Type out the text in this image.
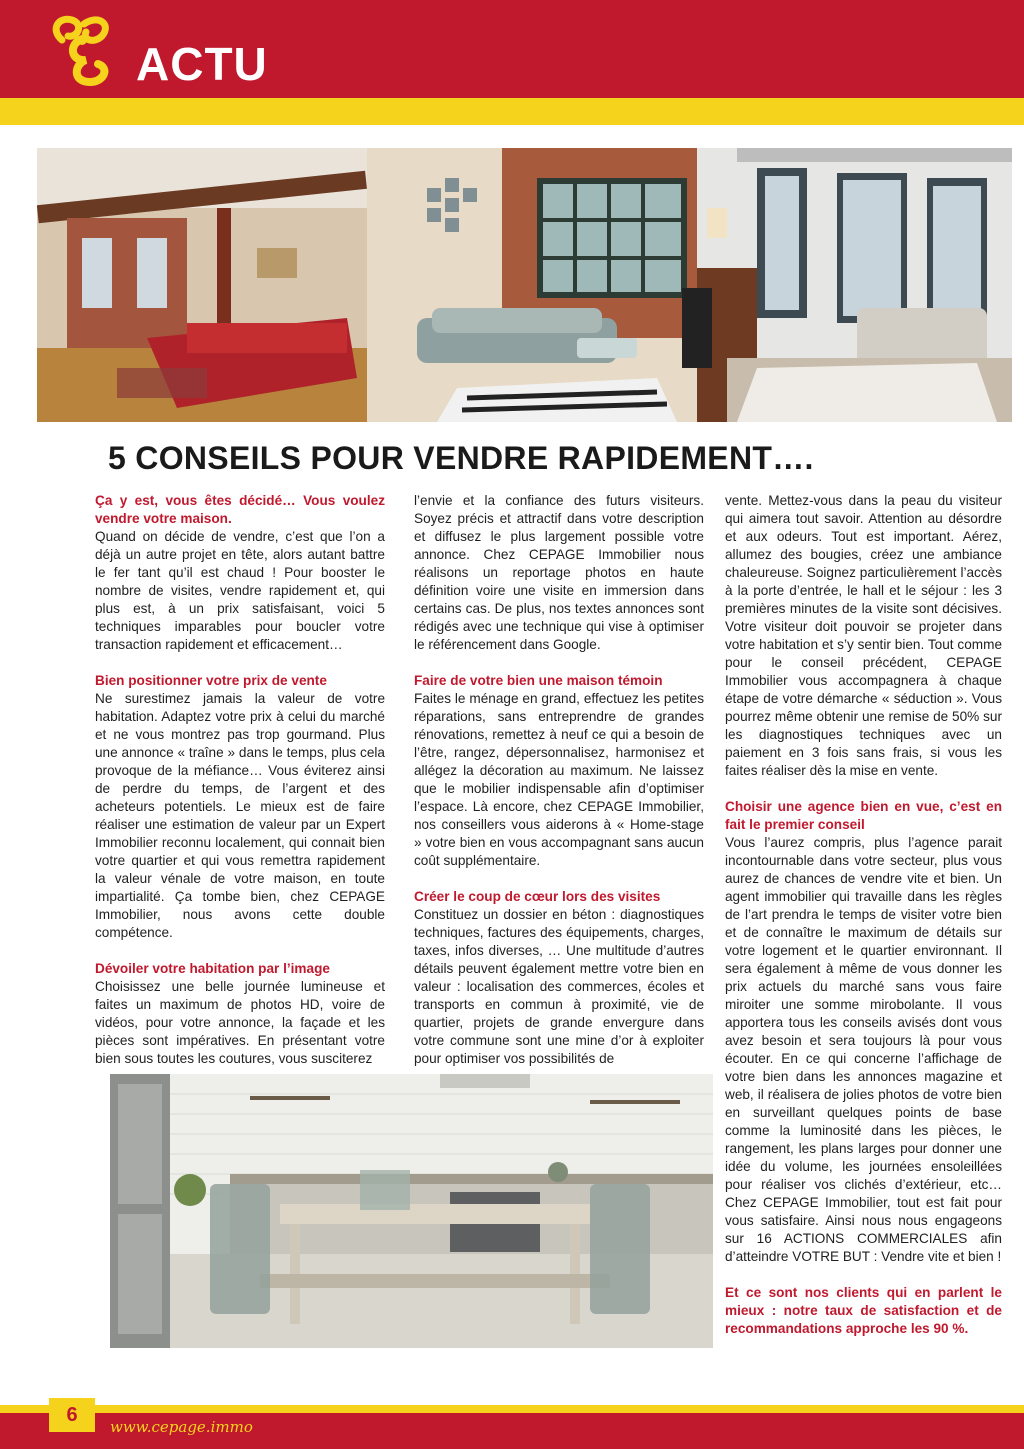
ACTU
5 CONSEILS POUR VENDRE RAPIDEMENT….

Ça y est, vous êtes décidé… Vous voulez vendre votre maison.

Quand on décide de vendre, c’est que l’on a déjà un autre projet en tête, alors autant battre le fer tant qu’il est chaud ! Pour booster le nombre de visites, vendre rapidement et, qui plus est, à un prix satisfaisant, voici 5 techniques imparables pour boucler votre transaction rapidement et efficacement…

Bien positionner votre prix de vente

Ne surestimez jamais la valeur de votre habitation. Adaptez votre prix à celui du marché et ne vous montrez pas trop gourmand. Plus une annonce « traîne » dans le temps, plus cela provoque de la méfiance… Vous éviterez ainsi de perdre du temps, de l’argent et des acheteurs potentiels. Le mieux est de faire réaliser une estimation de valeur par un Expert Immobilier reconnu localement, qui connait bien votre quartier et qui vous remettra rapidement la valeur vénale de votre maison, en toute impartialité. Ça tombe bien, chez CEPAGE Immobilier, nous avons cette double compétence.

Dévoiler votre habitation par l’image

Choisissez une belle journée lumineuse et faites un maximum de photos HD, voire de vidéos, pour votre annonce, la façade et les pièces sont impératives. En présentant votre bien sous toutes les coutures, vous susciterez

l’envie et la confiance des futurs visiteurs. Soyez précis et attractif dans votre description et diffusez le plus largement possible votre annonce. Chez CEPAGE Immobilier nous réalisons un reportage photos en haute définition voire une visite en immersion dans certains cas. De plus, nos textes annonces sont rédigés avec une technique qui vise à optimiser le référencement dans Google.

Faire de votre bien une maison témoin

Faites le ménage en grand, effectuez les petites réparations, sans entreprendre de grandes rénovations, remettez à neuf ce qui a besoin de l’être, rangez, dépersonnalisez, harmonisez et allégez la décoration au maximum. Ne laissez que le mobilier indispensable afin d’optimiser l’espace. Là encore, chez CEPAGE Immobilier, nos conseillers vous aiderons à « Home-stage » votre bien en vous accompagnant sans aucun coût supplémentaire.

Créer le coup de cœur lors des visites

Constituez un dossier en béton : diagnostiques techniques, factures des équipements, charges, taxes, infos diverses, … Une multitude d’autres détails peuvent également mettre votre bien en valeur : localisation des commerces, écoles et transports en commun à proximité, vie de quartier, projets de grande envergure dans votre commune sont une mine d’or à exploiter pour optimiser vos possibilités de

vente. Mettez-vous dans la peau du visiteur qui aimera tout savoir. Attention au désordre et aux odeurs. Tout est important. Aérez, allumez des bougies, créez une ambiance chaleureuse. Soignez particulièrement l’accès à la porte d’entrée, le hall et le séjour : les 3 premières minutes de la visite sont décisives. Votre visiteur doit pouvoir se projeter dans votre habitation et s’y sentir bien. Tout comme pour le conseil précédent, CEPAGE Immobilier vous accompagnera à chaque étape de votre démarche « séduction ». Vous pourrez même obtenir une remise de 50% sur les diagnostiques techniques avec un paiement en 3 fois sans frais, si vous les faites réaliser dès la mise en vente.

Choisir une agence bien en vue, c’est en fait le premier conseil

Vous l’aurez compris, plus l’agence parait incontournable dans votre secteur, plus vous aurez de chances de vendre vite et bien. Un agent immobilier qui travaille dans les règles de l’art prendra le temps de visiter votre bien et de connaître le maximum de détails sur votre logement et le quartier environnant. Il sera également à même de vous donner les prix actuels du marché sans vous faire miroiter une somme mirobolante. Il vous apportera tous les conseils avisés dont vous avez besoin et sera toujours là pour vous écouter. En ce qui concerne l’affichage de votre bien dans les annonces magazine et web, il réalisera de jolies photos de votre bien en surveillant quelques points de base comme la luminosité dans les pièces, le rangement, les plans larges pour donner une idée du volume, les journées ensoleillées pour réaliser vos clichés d’extérieur, etc… Chez CEPAGE Immobilier, tout est fait pour vous satisfaire. Ainsi nous nous engageons sur 16 ACTIONS COMMERCIALES afin d’atteindre VOTRE BUT : Vendre vite et bien !

Et ce sont nos clients qui en parlent le mieux : notre taux de satisfaction et de recommandations approche les 90 %.

6
www.cepage.immo
